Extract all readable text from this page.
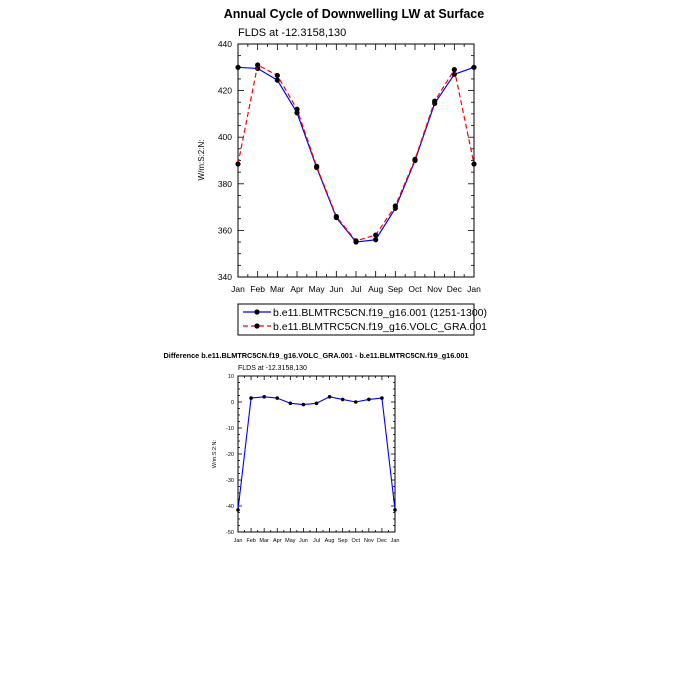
Annual Cycle of Downwelling LW at Surface
FLDS at -12.3158,130
W/m:S:2:N:
340
360
380
400
420
440
Jan Feb Mar Apr May Jun Jul Aug Sep Oct Nov Dec Jan
b.e11.BLMTRC5CN.f19_g16.001 (1251-1300)
b.e11.BLMTRC5CN.f19_g16.VOLC_GRA.001
Difference b.e11.BLMTRC5CN.f19_g16.VOLC_GRA.001 - b.e11.BLMTRC5CN.f19_g16.001
FLDS at -12.3158,130
W/m:S:2:N:
-50
-40
-30
-20
-10
0
10
Jan Feb Mar Apr May Jun Jul Aug Sep Oct Nov Dec Jan
